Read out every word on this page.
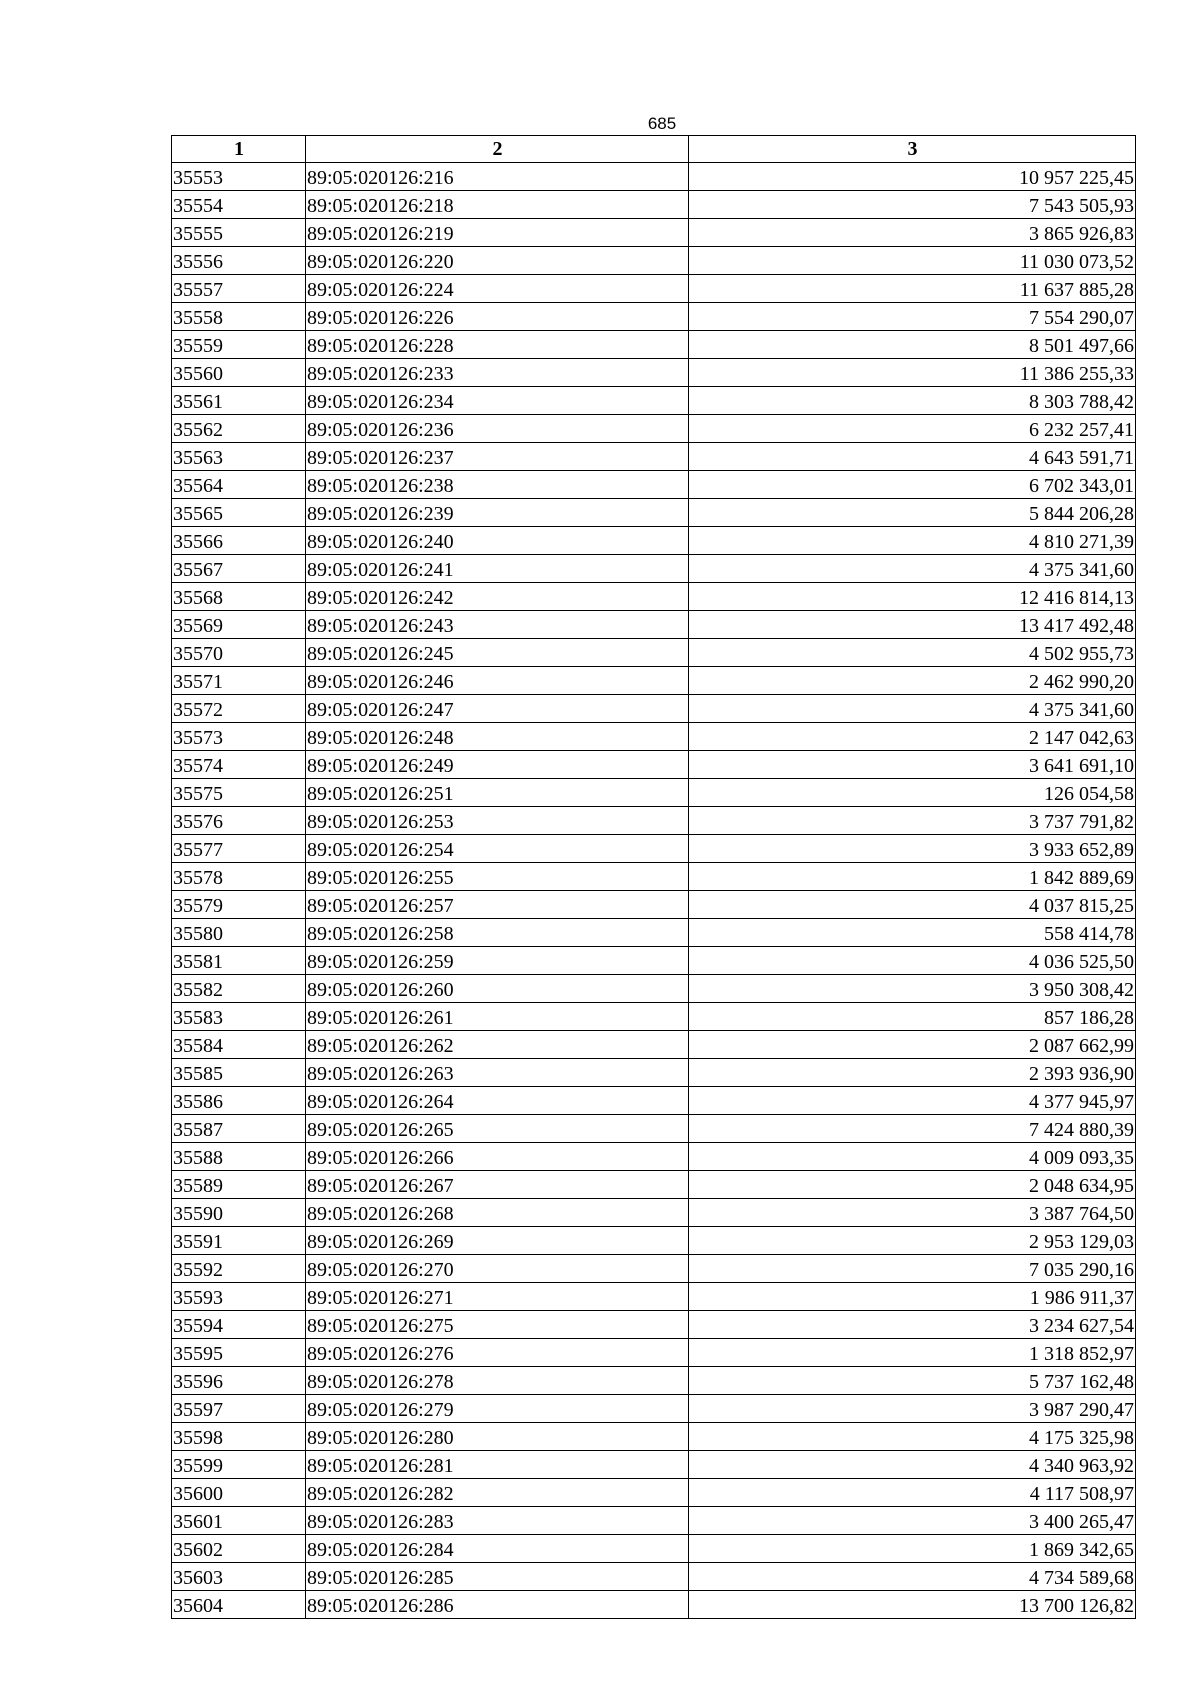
685
1	2	3
35553	89:05:020126:216	10 957 225,45
35554	89:05:020126:218	7 543 505,93
35555	89:05:020126:219	3 865 926,83
35556	89:05:020126:220	11 030 073,52
35557	89:05:020126:224	11 637 885,28
35558	89:05:020126:226	7 554 290,07
35559	89:05:020126:228	8 501 497,66
35560	89:05:020126:233	11 386 255,33
35561	89:05:020126:234	8 303 788,42
35562	89:05:020126:236	6 232 257,41
35563	89:05:020126:237	4 643 591,71
35564	89:05:020126:238	6 702 343,01
35565	89:05:020126:239	5 844 206,28
35566	89:05:020126:240	4 810 271,39
35567	89:05:020126:241	4 375 341,60
35568	89:05:020126:242	12 416 814,13
35569	89:05:020126:243	13 417 492,48
35570	89:05:020126:245	4 502 955,73
35571	89:05:020126:246	2 462 990,20
35572	89:05:020126:247	4 375 341,60
35573	89:05:020126:248	2 147 042,63
35574	89:05:020126:249	3 641 691,10
35575	89:05:020126:251	126 054,58
35576	89:05:020126:253	3 737 791,82
35577	89:05:020126:254	3 933 652,89
35578	89:05:020126:255	1 842 889,69
35579	89:05:020126:257	4 037 815,25
35580	89:05:020126:258	558 414,78
35581	89:05:020126:259	4 036 525,50
35582	89:05:020126:260	3 950 308,42
35583	89:05:020126:261	857 186,28
35584	89:05:020126:262	2 087 662,99
35585	89:05:020126:263	2 393 936,90
35586	89:05:020126:264	4 377 945,97
35587	89:05:020126:265	7 424 880,39
35588	89:05:020126:266	4 009 093,35
35589	89:05:020126:267	2 048 634,95
35590	89:05:020126:268	3 387 764,50
35591	89:05:020126:269	2 953 129,03
35592	89:05:020126:270	7 035 290,16
35593	89:05:020126:271	1 986 911,37
35594	89:05:020126:275	3 234 627,54
35595	89:05:020126:276	1 318 852,97
35596	89:05:020126:278	5 737 162,48
35597	89:05:020126:279	3 987 290,47
35598	89:05:020126:280	4 175 325,98
35599	89:05:020126:281	4 340 963,92
35600	89:05:020126:282	4 117 508,97
35601	89:05:020126:283	3 400 265,47
35602	89:05:020126:284	1 869 342,65
35603	89:05:020126:285	4 734 589,68
35604	89:05:020126:286	13 700 126,82
